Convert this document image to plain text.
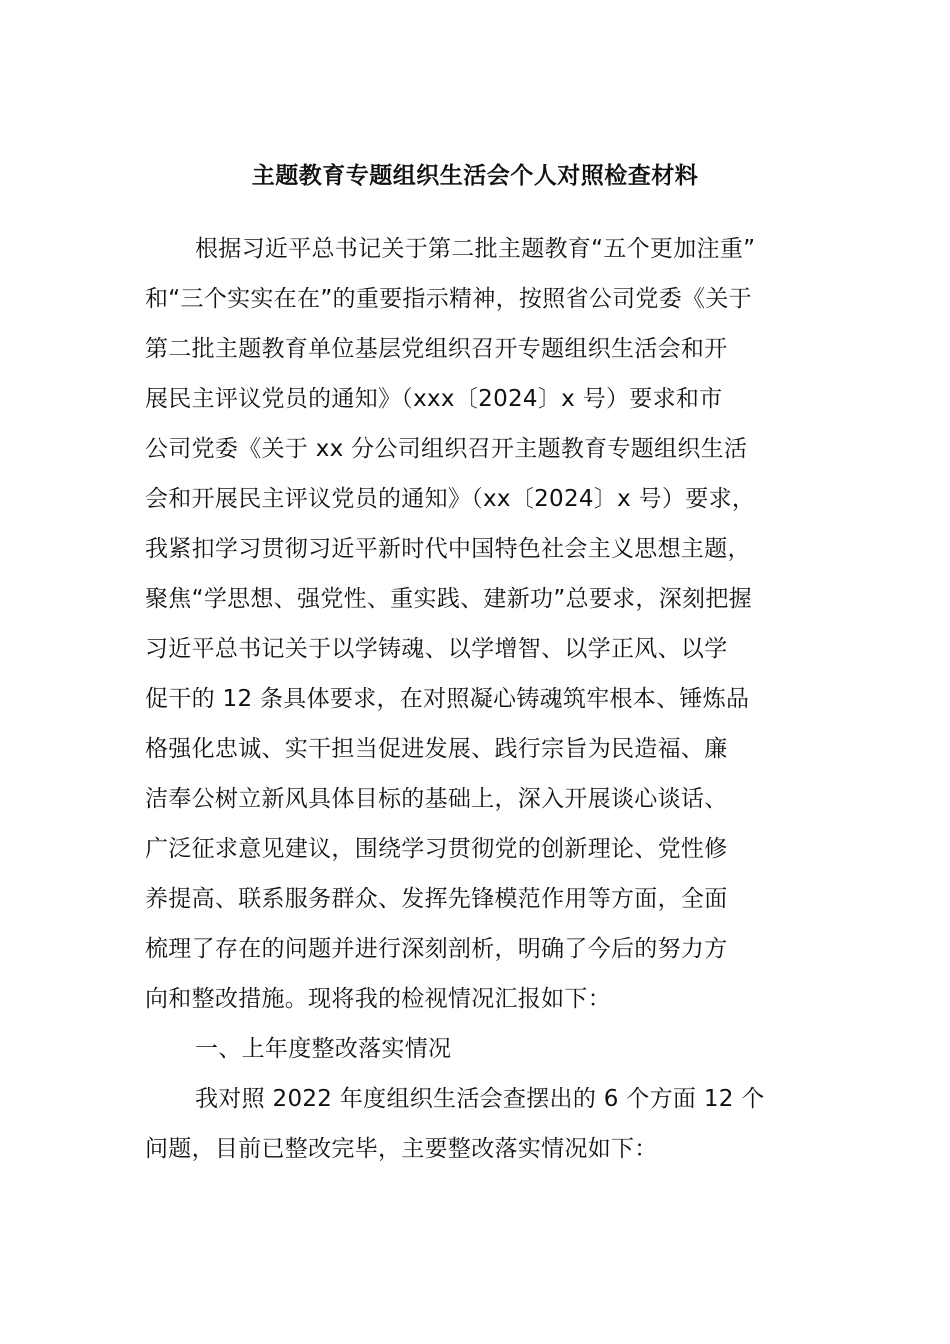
主题教育专题组织生活会个人对照检查材料
根据习近平总书记关于第二批主题教育“五个更加注重”
和“三个实实在在”的重要指示精神，按照省公司党委《关于
第二批主题教育单位基层党组织召开专题组织生活会和开
展民主评议党员的通知》（xxx〔2024〕x 号）要求和市
公司党委《关于 xx 分公司组织召开主题教育专题组织生活
会和开展民主评议党员的通知》（xx〔2024〕x 号）要求，
我紧扣学习贯彻习近平新时代中国特色社会主义思想主题，
聚焦“学思想、强党性、重实践、建新功”总要求，深刻把握
习近平总书记关于以学铸魂、以学增智、以学正风、以学
促干的 12 条具体要求，在对照凝心铸魂筑牢根本、锤炼品
格强化忠诚、实干担当促进发展、践行宗旨为民造福、廉
洁奉公树立新风具体目标的基础上，深入开展谈心谈话、
广泛征求意见建议，围绕学习贯彻党的创新理论、党性修
养提高、联系服务群众、发挥先锋模范作用等方面，全面
梳理了存在的问题并进行深刻剖析，明确了今后的努力方
向和整改措施。现将我的检视情况汇报如下：
一、上年度整改落实情况
我对照 2022 年度组织生活会查摆出的 6 个方面 12 个
问题，目前已整改完毕，主要整改落实情况如下：
